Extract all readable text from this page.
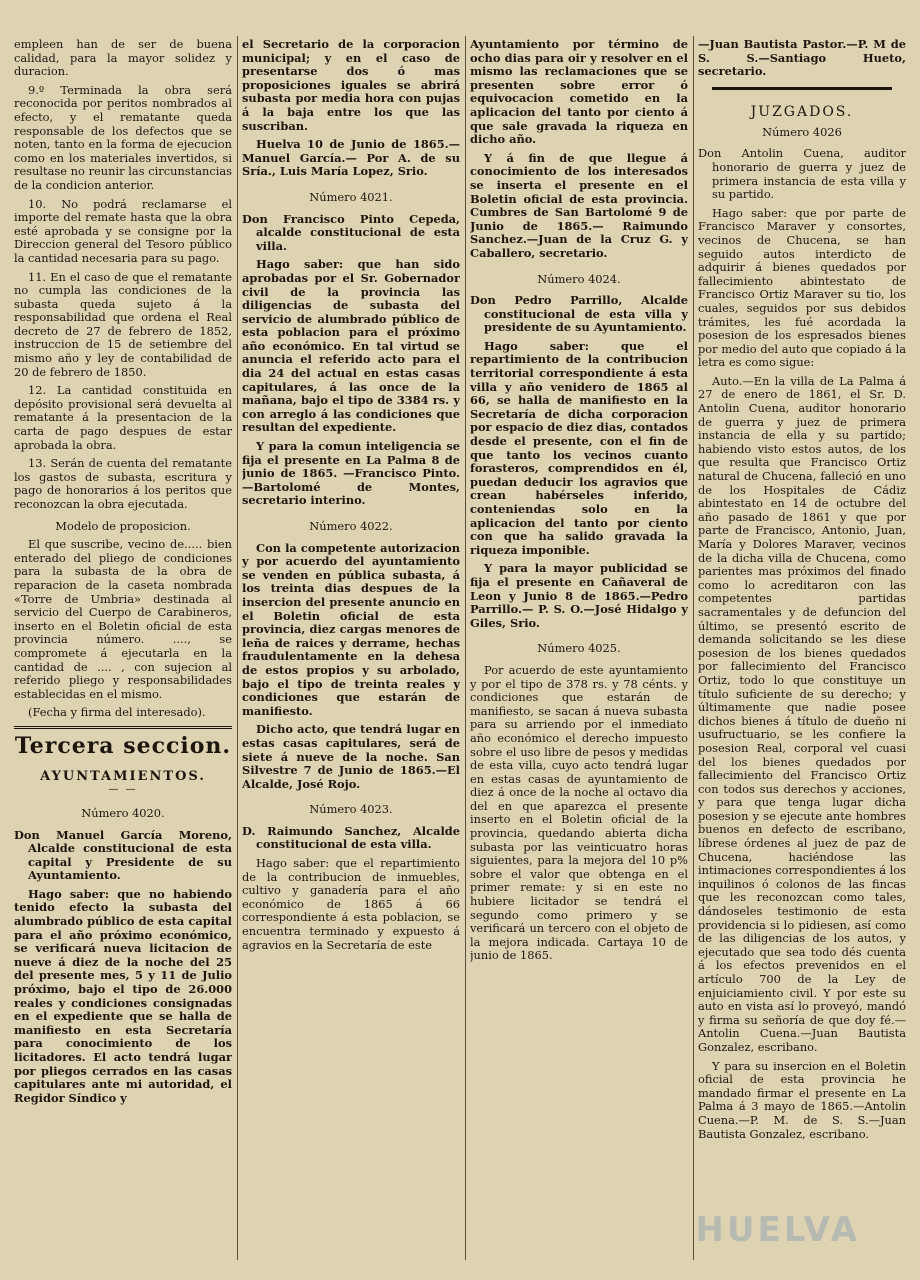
empleen han de ser de buena calidad, para la mayor solidez y duracion.

9.º Terminada la obra será reconocida por peritos nombrados al efecto, y el rematante queda responsable de los defectos que se noten, tanto en la forma de ejecucion como en los materiales invertidos, si resultase no reunir las circunstancias de la condicion anterior.

10. No podrá reclamarse el importe del remate hasta que la obra esté aprobada y se consigne por la Direccion general del Tesoro público la cantidad necesaria para su pago.

11. En el caso de que el rematante no cumpla las condiciones de la subasta queda sujeto á la responsabilidad que ordena el Real decreto de 27 de febrero de 1852, instruccion de 15 de setiembre del mismo año y ley de contabilidad de 20 de febrero de 1850.

12. La cantidad constituida en depósito provisional será devuelta al rematante á la presentacion de la carta de pago despues de estar aprobada la obra.

13. Serán de cuenta del rematante los gastos de subasta, escritura y pago de honorarios á los peritos que reconozcan la obra ejecutada.

Modelo de proposicion.

El que suscribe, vecino de..... bien enterado del pliego de condiciones para la subasta de la obra de reparacion de la caseta nombrada «Torre de Umbria» destinada al servicio del Cuerpo de Carabineros, inserto en el Boletin oficial de esta provincia número. ...., se compromete á ejecutarla en la cantidad de .... , con sujecion al referido pliego y responsabilidades establecidas en el mismo.

(Fecha y firma del interesado).

Tercera seccion.
AYUNTAMIENTOS.
— —

Número 4020.

Don Manuel García Moreno, Alcalde constitucional de esta capital y Presidente de su Ayuntamiento.

Hago saber: que no habiendo tenido efecto la subasta del alumbrado público de esta capital para el año próximo económico, se verificará nueva licitacion de nueve á diez de la noche del 25 del presente mes, 5 y 11 de Julio próximo, bajo el tipo de 26.000 reales y condiciones consignadas en el expediente que se halla de manifiesto en esta Secretaría para conocimiento de los licitadores. El acto tendrá lugar por pliegos cerrados en las casas capitulares ante mi autoridad, el Regidor Síndico y

el Secretario de la corporacion municipal; y en el caso de presentarse dos ó mas proposiciones iguales se abrirá subasta por media hora con pujas á la baja entre los que las suscriban.

Huelva 10 de Junio de 1865.—Manuel García.— Por A. de su Sría., Luis María Lopez, Srio.

Número 4021.

Don Francisco Pinto Cepeda, alcalde constitucional de esta villa.

Hago saber: que han sido aprobadas por el Sr. Gobernador civil de la provincia las diligencias de subasta del servicio de alumbrado público de esta poblacion para el próximo año económico. En tal virtud se anuncia el referido acto para el dia 24 del actual en estas casas capitulares, á las once de la mañana, bajo el tipo de 3384 rs. y con arreglo á las condiciones que resultan del expediente.

Y para la comun inteligencia se fija el presente en La Palma 8 de junio de 1865. —Francisco Pinto.—Bartolomé de Montes, secretario interino.

Número 4022.

Con la competente autorizacion y por acuerdo del ayuntamiento se venden en pública subasta, á los treinta dias despues de la insercion del presente anuncio en el Boletin oficial de esta provincia, diez cargas menores de leña de raices y derrame, hechas fraudulentamente en la dehesa de estos propios y su arbolado, bajo el tipo de treinta reales y condiciones que estarán de manifiesto.

Dicho acto, que tendrá lugar en estas casas capitulares, será de siete á nueve de la noche. San Silvestre 7 de Junio de 1865.—El Alcalde, José Rojo.

Número 4023.

D. Raimundo Sanchez, Alcalde constitucional de esta villa.

Hago saber: que el repartimiento de la contribucion de inmuebles, cultivo y ganadería para el año económico de 1865 á 66 correspondiente á esta poblacion, se encuentra terminado y expuesto á agravios en la Secretaría de este

Ayuntamiento por término de ocho dias para oir y resolver en el mismo las reclamaciones que se presenten sobre error ó equivocacion cometido en la aplicacion del tanto por ciento á que sale gravada la riqueza en dicho año.

Y á fin de que llegue á conocimiento de los interesados se inserta el presente en el Boletin oficial de esta provincia. Cumbres de San Bartolomé 9 de Junio de 1865.— Raimundo Sanchez.—Juan de la Cruz G. y Caballero, secretario.

Número 4024.

Don Pedro Parrillo, Alcalde constitucional de esta villa y presidente de su Ayuntamiento.

Hago saber: que el repartimiento de la contribucion territorial correspondiente á esta villa y año venidero de 1865 al 66, se halla de manifiesto en la Secretaría de dicha corporacion por espacio de diez dias, contados desde el presente, con el fin de que tanto los vecinos cuanto forasteros, comprendidos en él, puedan deducir los agravios que crean habérseles inferido, conteniendas solo en la aplicacion del tanto por ciento con que ha salido gravada la riqueza imponible.

Y para la mayor publicidad se fija el presente en Cañaveral de Leon y Junio 8 de 1865.—Pedro Parrillo.— P. S. O.—José Hidalgo y Giles, Srio.

Número 4025.

Por acuerdo de este ayuntamiento y por el tipo de 378 rs. y 78 cénts. y condiciones que estarán de manifiesto, se sacan á nueva subasta para su arriendo por el inmediato año económico el derecho impuesto sobre el uso libre de pesos y medidas de esta villa, cuyo acto tendrá lugar en estas casas de ayuntamiento de diez á once de la noche al octavo dia del en que aparezca el presente inserto en el Boletin oficial de la provincia, quedando abierta dicha subasta por las veinticuatro horas siguientes, para la mejora del 10 p% sobre el valor que obtenga en el primer remate: y si en este no hubiere licitador se tendrá el segundo como primero y se verificará un tercero con el objeto de la mejora indicada. Cartaya 10 de junio de 1865.

—Juan Bautista Pastor.—P. M de S. S.—Santiago Hueto, secretario.

JUZGADOS.

Número 4026

Don Antolin Cuena, auditor honorario de guerra y juez de primera instancia de esta villa y su partido.

Hago saber: que por parte de Francisco Maraver y consortes, vecinos de Chucena, se han seguido autos interdicto de adquirir á bienes quedados por fallecimiento abintestato de Francisco Ortiz Maraver su tio, los cuales, seguidos por sus debidos trámites, les fué acordada la posesion de los espresados bienes por medio del auto que copiado á la letra es como sigue:

Auto.—En la villa de La Palma á 27 de enero de 1861, el Sr. D. Antolin Cuena, auditor honorario de guerra y juez de primera instancia de ella y su partido; habiendo visto estos autos, de los que resulta que Francisco Ortiz natural de Chucena, falleció en uno de los Hospitales de Cádiz abintestato en 14 de octubre del año pasado de 1861 y que por parte de Francisco, Antonio, Juan, María y Dolores Maraver, vecinos de la dicha villa de Chucena, como parientes mas próximos del finado como lo acreditaron con las competentes partidas sacramentales y de defuncion del último, se presentó escrito de demanda solicitando se les diese posesion de los bienes quedados por fallecimiento del Francisco Ortiz, todo lo que constituye un título suficiente de su derecho; y últimamente que nadie posee dichos bienes á título de dueño ni usufructuario, se les confiere la posesion Real, corporal vel cuasi del los bienes quedados por fallecimiento del Francisco Ortiz con todos sus derechos y acciones, y para que tenga lugar dicha posesion y se ejecute ante hombres buenos en defecto de escribano, líbrese órdenes al juez de paz de Chucena, haciéndose las intimaciones correspondientes á los inquilinos ó colonos de las fincas que les reconozcan como tales, dándoseles testimonio de esta providencia si lo pidiesen, así como de las diligencias de los autos, y ejecutado que sea todo dés cuenta á los efectos prevenidos en el artículo 700 de la Ley de enjuiciamiento civil. Y por este su auto en vista así lo proveyó, mandó y firma su señoría de que doy fé.—Antolin Cuena.—Juan Bautista Gonzalez, escribano.

Y para su insercion en el Boletin oficial de esta provincia he mandado firmar el presente en La Palma á 3 mayo de 1865.—Antolin Cuena.—P. M. de S. S.—Juan Bautista Gonzalez, escribano.

HUELVA
